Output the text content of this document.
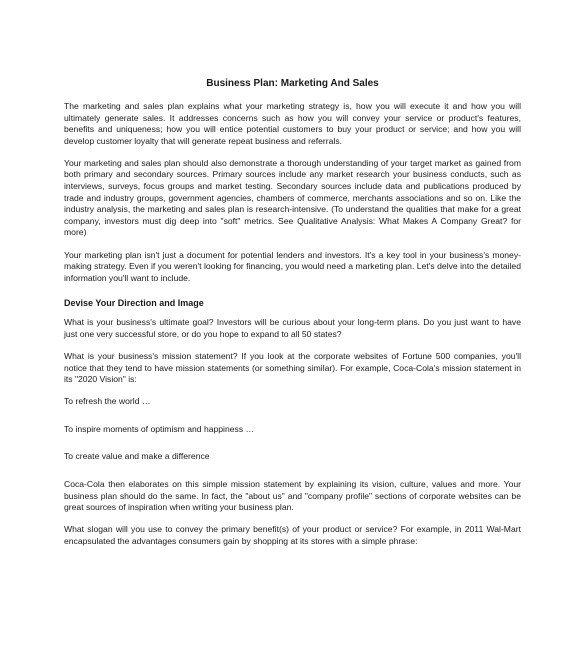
Business Plan: Marketing And Sales

The marketing and sales plan explains what your marketing strategy is, how you will execute it and how you will ultimately generate sales. It addresses concerns such as how you will convey your service or product's features, benefits and uniqueness; how you will entice potential customers to buy your product or service; and how you will develop customer loyalty that will generate repeat business and referrals.

Your marketing and sales plan should also demonstrate a thorough understanding of your target market as gained from both primary and secondary sources. Primary sources include any market research your business conducts, such as interviews, surveys, focus groups and market testing. Secondary sources include data and publications produced by trade and industry groups, government agencies, chambers of commerce, merchants associations and so on. Like the industry analysis, the marketing and sales plan is research-intensive. (To understand the qualities that make for a great company, investors must dig deep into "soft" metrics. See Qualitative Analysis: What Makes A Company Great? for more)

Your marketing plan isn't just a document for potential lenders and investors. It's a key tool in your business's money-making strategy. Even if you weren't looking for financing, you would need a marketing plan. Let's delve into the detailed information you'll want to include.

Devise Your Direction and Image

What is your business's ultimate goal? Investors will be curious about your long-term plans. Do you just want to have just one very successful store, or do you hope to expand to all 50 states?

What is your business's mission statement? If you look at the corporate websites of Fortune 500 companies, you'll notice that they tend to have mission statements (or something similar). For example, Coca-Cola's mission statement in its "2020 Vision" is:

To refresh the world …

To inspire moments of optimism and happiness …

To create value and make a difference

Coca-Cola then elaborates on this simple mission statement by explaining its vision, culture, values and more. Your business plan should do the same. In fact, the "about us" and "company profile" sections of corporate websites can be great sources of inspiration when writing your business plan.

What slogan will you use to convey the primary benefit(s) of your product or service? For example, in 2011 Wal-Mart encapsulated the advantages consumers gain by shopping at its stores with a simple phrase:
